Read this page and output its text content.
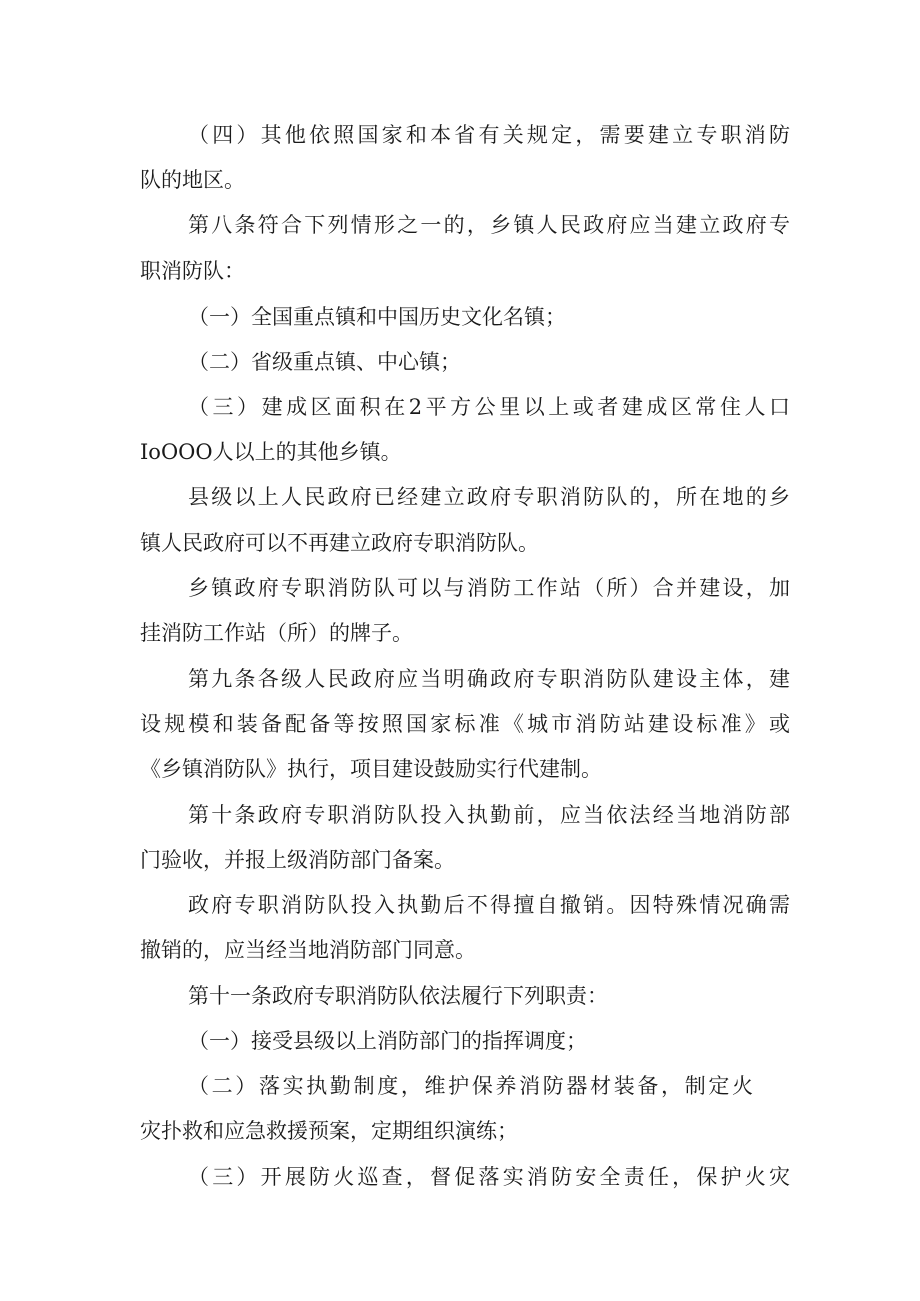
（四）其他依照国家和本省有关规定，需要建立专职消防
队的地区。
第八条符合下列情形之一的，乡镇人民政府应当建立政府专
职消防队：
（一）全国重点镇和中国历史文化名镇；
（二）省级重点镇、中心镇；
（三）建成区面积在2平方公里以上或者建成区常住人口
IoOOO人以上的其他乡镇。
县级以上人民政府已经建立政府专职消防队的，所在地的乡
镇人民政府可以不再建立政府专职消防队。
乡镇政府专职消防队可以与消防工作站（所）合并建设，加
挂消防工作站（所）的牌子。
第九条各级人民政府应当明确政府专职消防队建设主体，建
设规模和装备配备等按照国家标准《城市消防站建设标准》或
《乡镇消防队》执行，项目建设鼓励实行代建制。
第十条政府专职消防队投入执勤前，应当依法经当地消防部
门验收，并报上级消防部门备案。
政府专职消防队投入执勤后不得擅自撤销。因特殊情况确需
撤销的，应当经当地消防部门同意。
第十一条政府专职消防队依法履行下列职责：
（一）接受县级以上消防部门的指挥调度；
（二）落实执勤制度，维护保养消防器材装备，制定火
灾扑救和应急救援预案，定期组织演练；
（三）开展防火巡查，督促落实消防安全责任，保护火灾
